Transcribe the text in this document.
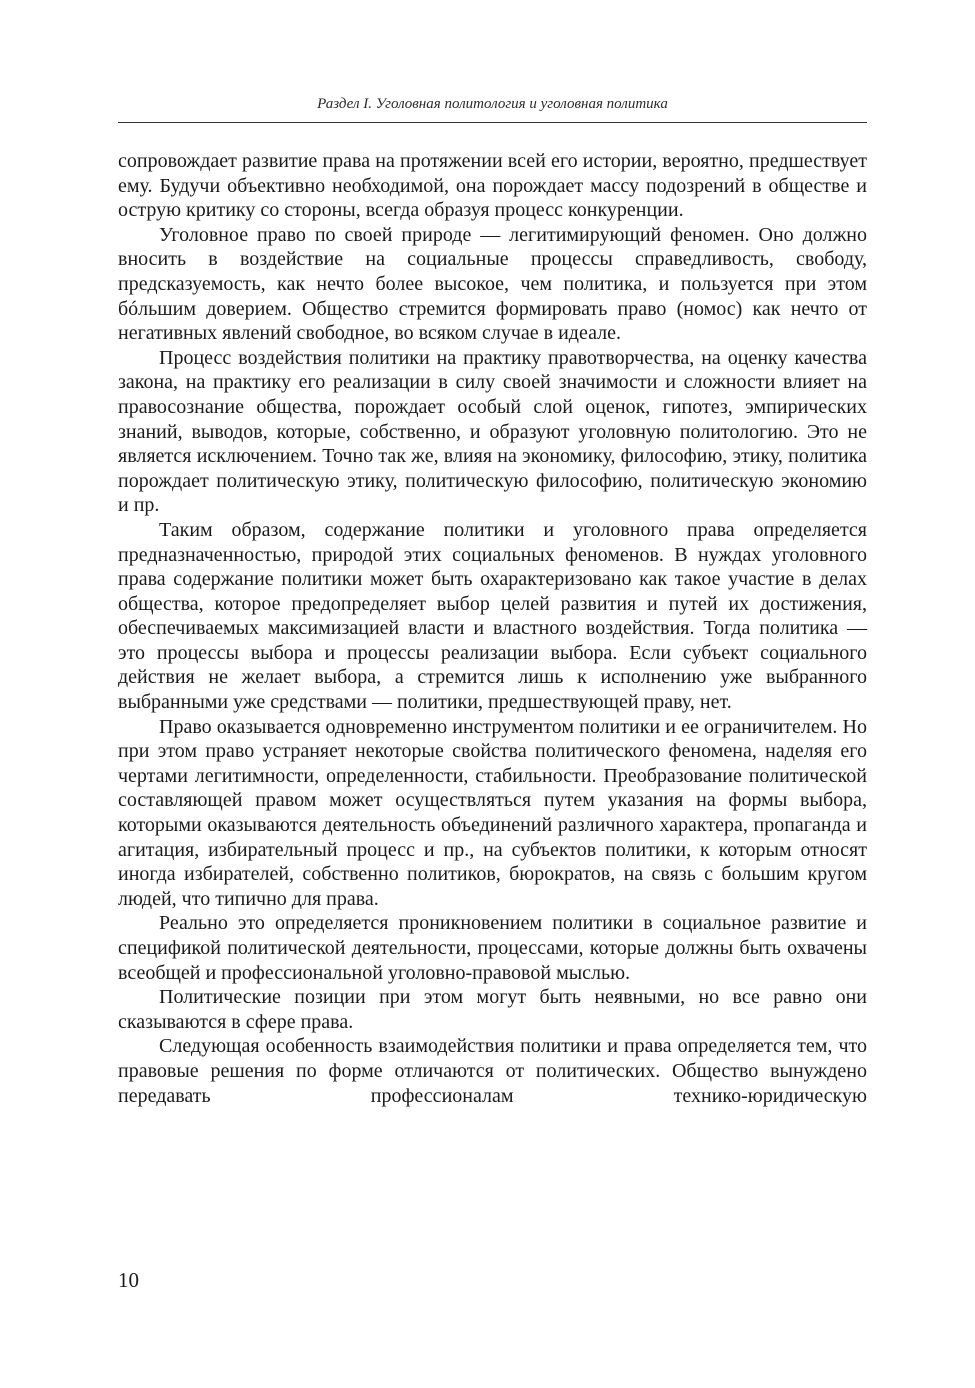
Раздел I. Уголовная политология и уголовная политика

сопровождает развитие права на протяжении всей его истории, вероятно, предшествует ему. Будучи объективно необходимой, она порождает массу подозрений в обществе и острую критику со стороны, всегда образуя процесс конкуренции.

Уголовное право по своей природе — легитимирующий феномен. Оно должно вносить в воздействие на социальные процессы справедливость, свободу, предсказуемость, как нечто более высокое, чем политика, и пользуется при этом бóльшим доверием. Общество стремится формировать право (номос) как нечто от негативных явлений свободное, во всяком случае в идеале.

Процесс воздействия политики на практику правотворчества, на оценку качества закона, на практику его реализации в силу своей значимости и сложности влияет на правосознание общества, порождает особый слой оценок, гипотез, эмпирических знаний, выводов, которые, собственно, и образуют уголовную политологию. Это не является исключением. Точно так же, влияя на экономику, философию, этику, политика порождает политическую этику, политическую философию, политическую экономию и пр.

Таким образом, содержание политики и уголовного права определяется предназначенностью, природой этих социальных феноменов. В нуждах уголовного права содержание политики может быть охарактеризовано как такое участие в делах общества, которое предопределяет выбор целей развития и путей их достижения, обеспечиваемых максимизацией власти и властного воздействия. Тогда политика — это процессы выбора и процессы реализации выбора. Если субъект социального действия не желает выбора, а стремится лишь к исполнению уже выбранного выбранными уже средствами — политики, предшествующей праву, нет.

Право оказывается одновременно инструментом политики и ее ограничителем. Но при этом право устраняет некоторые свойства политического феномена, наделяя его чертами легитимности, определенности, стабильности. Преобразование политической составляющей правом может осуществляться путем указания на формы выбора, которыми оказываются деятельность объединений различного характера, пропаганда и агитация, избирательный процесс и пр., на субъектов политики, к которым относят иногда избирателей, собственно политиков, бюрократов, на связь с большим кругом людей, что типично для права.

Реально это определяется проникновением политики в социальное развитие и спецификой политической деятельности, процессами, которые должны быть охвачены всеобщей и профессиональной уголовно-правовой мыслью.

Политические позиции при этом могут быть неявными, но все равно они сказываются в сфере права.

Следующая особенность взаимодействия политики и права определяется тем, что правовые решения по форме отличаются от политических. Общество вынуждено передавать профессионалам технико-юридическую

10
